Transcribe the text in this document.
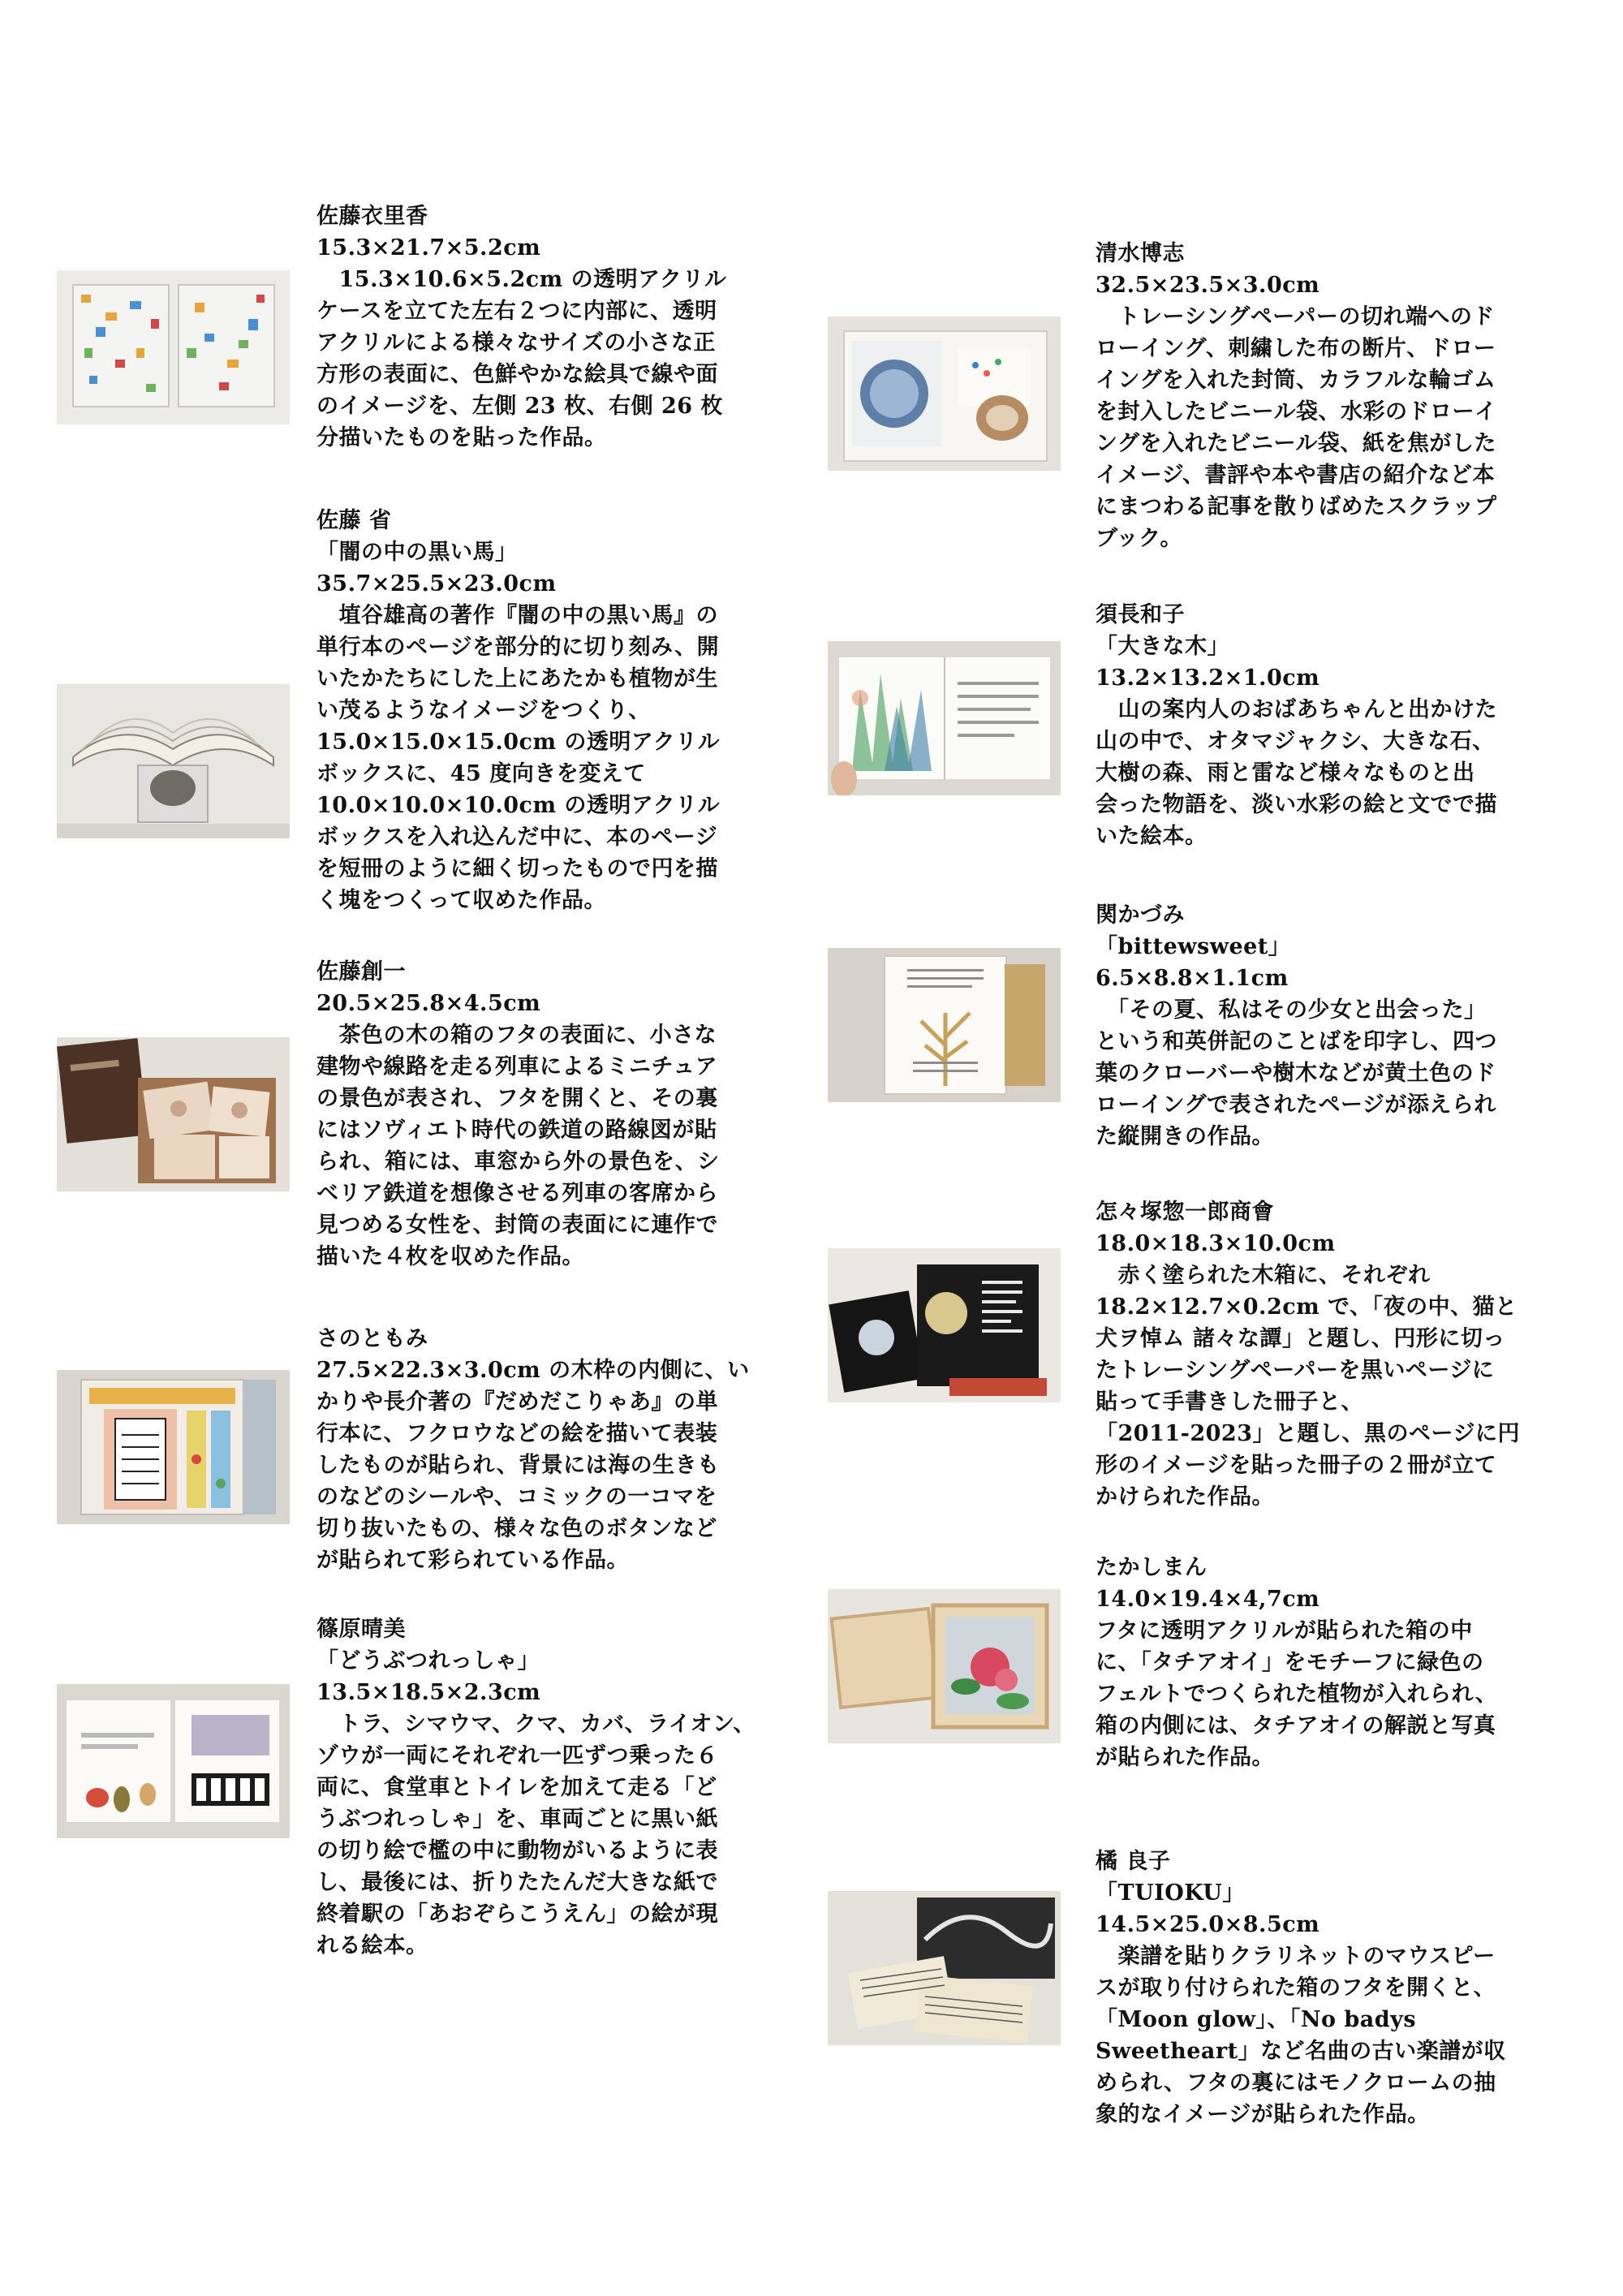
佐藤衣里香
15.3×21.7×5.2cm
　15.3×10.6×5.2cm の透明アクリル
ケースを立てた左右２つに内部に、透明
アクリルによる様々なサイズの小さな正
方形の表面に、色鮮やかな絵具で線や面
のイメージを、左側 23 枚、右側 26 枚
分描いたものを貼った作品。
佐藤 省
「闇の中の黒い馬」
35.7×25.5×23.0cm
　埴谷雄高の著作『闇の中の黒い馬』の
単行本のページを部分的に切り刻み、開
いたかたちにした上にあたかも植物が生
い茂るようなイメージをつくり、
15.0×15.0×15.0cm の透明アクリル
ボックスに、45 度向きを変えて
10.0×10.0×10.0cm の透明アクリル
ボックスを入れ込んだ中に、本のページ
を短冊のように細く切ったもので円を描
く塊をつくって収めた作品。
佐藤創一
20.5×25.8×4.5cm
　茶色の木の箱のフタの表面に、小さな
建物や線路を走る列車によるミニチュア
の景色が表され、フタを開くと、その裏
にはソヴィエト時代の鉄道の路線図が貼
られ、箱には、車窓から外の景色を、シ
ベリア鉄道を想像させる列車の客席から
見つめる女性を、封筒の表面にに連作で
描いた４枚を収めた作品。
さのともみ
27.5×22.3×3.0cm の木枠の内側に、い
かりや長介著の『だめだこりゃあ』の単
行本に、フクロウなどの絵を描いて表装
したものが貼られ、背景には海の生きも
のなどのシールや、コミックの一コマを
切り抜いたもの、様々な色のボタンなど
が貼られて彩られている作品。
篠原晴美
「どうぶつれっしゃ」
13.5×18.5×2.3cm
　トラ、シマウマ、クマ、カバ、ライオン、
ゾウが一両にそれぞれ一匹ずつ乗った６
両に、食堂車とトイレを加えて走る「ど
うぶつれっしゃ」を、車両ごとに黒い紙
の切り絵で檻の中に動物がいるように表
し、最後には、折りたたんだ大きな紙で
終着駅の「あおぞらこうえん」の絵が現
れる絵本。
清水博志
32.5×23.5×3.0cm
　トレーシングペーパーの切れ端へのド
ローイング、刺繍した布の断片、ドロー
イングを入れた封筒、カラフルな輪ゴム
を封入したビニール袋、水彩のドローイ
ングを入れたビニール袋、紙を焦がした
イメージ、書評や本や書店の紹介など本
にまつわる記事を散りばめたスクラップ
ブック。
須長和子
「大きな木」
13.2×13.2×1.0cm
　山の案内人のおばあちゃんと出かけた
山の中で、オタマジャクシ、大きな石、
大樹の森、雨と雷など様々なものと出
会った物語を、淡い水彩の絵と文でで描
いた絵本。
関かづみ
「bittewsweet」
6.5×8.8×1.1cm
　「その夏、私はその少女と出会った」
という和英併記のことばを印字し、四つ
葉のクローバーや樹木などが黄土色のド
ローイングで表されたページが添えられ
た縦開きの作品。
怎々塚惣一郎商會
18.0×18.3×10.0cm
　赤く塗られた木箱に、それぞれ
18.2×12.7×0.2cm で、「夜の中、猫と
犬ヲ悼ム 諸々な譚」と題し、円形に切っ
たトレーシングペーパーを黒いページに
貼って手書きした冊子と、
「2011-2023」と題し、黒のページに円
形のイメージを貼った冊子の２冊が立て
かけられた作品。
たかしまん
14.0×19.4×4,7cm
フタに透明アクリルが貼られた箱の中
に、「タチアオイ」をモチーフに緑色の
フェルトでつくられた植物が入れられ、
箱の内側には、タチアオイの解説と写真
が貼られた作品。
橘 良子
「TUIOKU」
14.5×25.0×8.5cm
　楽譜を貼りクラリネットのマウスピー
スが取り付けられた箱のフタを開くと、
「Moon glow」、「No badys
Sweetheart」など名曲の古い楽譜が収
められ、フタの裏にはモノクロームの抽
象的なイメージが貼られた作品。
